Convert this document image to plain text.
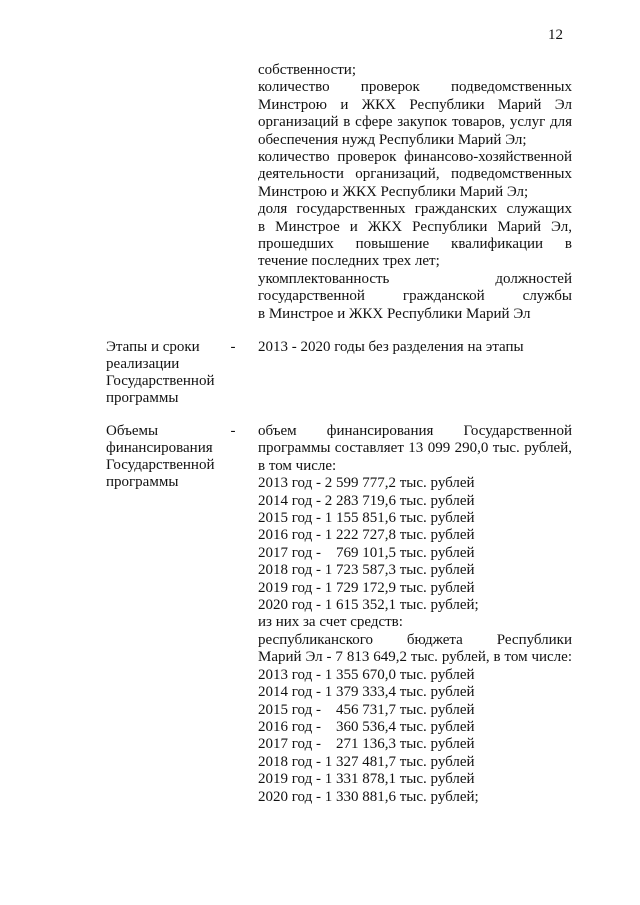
12
собственности;
количество проверок подведомственных
Минстрою и ЖКХ Республики Марий Эл
организаций в сфере закупок товаров, услуг для
обеспечения нужд Республики Марий Эл;
количество проверок финансово-хозяйственной
деятельности организаций, подведомственных
Минстрою и ЖКХ Республики Марий Эл;
доля государственных гражданских служащих
в Минстрое и ЖКХ Республики Марий Эл,
прошедших повышение квалификации в
течение последних трех лет;
укомплектованность должностей
государственной гражданской службы
в Минстрое и ЖКХ Республики Марий Эл
Этапы и сроки
реализации
Государственной
программы
-	2013 - 2020 годы без разделения на этапы
Объемы
финансирования
Государственной
программы
-	объем финансирования Государственной
программы составляет 13 099 290,0 тыс. рублей,
в том числе:
2013 год - 2 599 777,2 тыс. рублей
2014 год - 2 283 719,6 тыс. рублей
2015 год - 1 155 851,6 тыс. рублей
2016 год - 1 222 727,8 тыс. рублей
2017 год -    769 101,5 тыс. рублей
2018 год - 1 723 587,3 тыс. рублей
2019 год - 1 729 172,9 тыс. рублей
2020 год - 1 615 352,1 тыс. рублей;
из них за счет средств:
республиканского бюджета Республики
Марий Эл - 7 813 649,2 тыс. рублей, в том числе:
2013 год - 1 355 670,0 тыс. рублей
2014 год - 1 379 333,4 тыс. рублей
2015 год -    456 731,7 тыс. рублей
2016 год -    360 536,4 тыс. рублей
2017 год -    271 136,3 тыс. рублей
2018 год - 1 327 481,7 тыс. рублей
2019 год - 1 331 878,1 тыс. рублей
2020 год - 1 330 881,6 тыс. рублей;
